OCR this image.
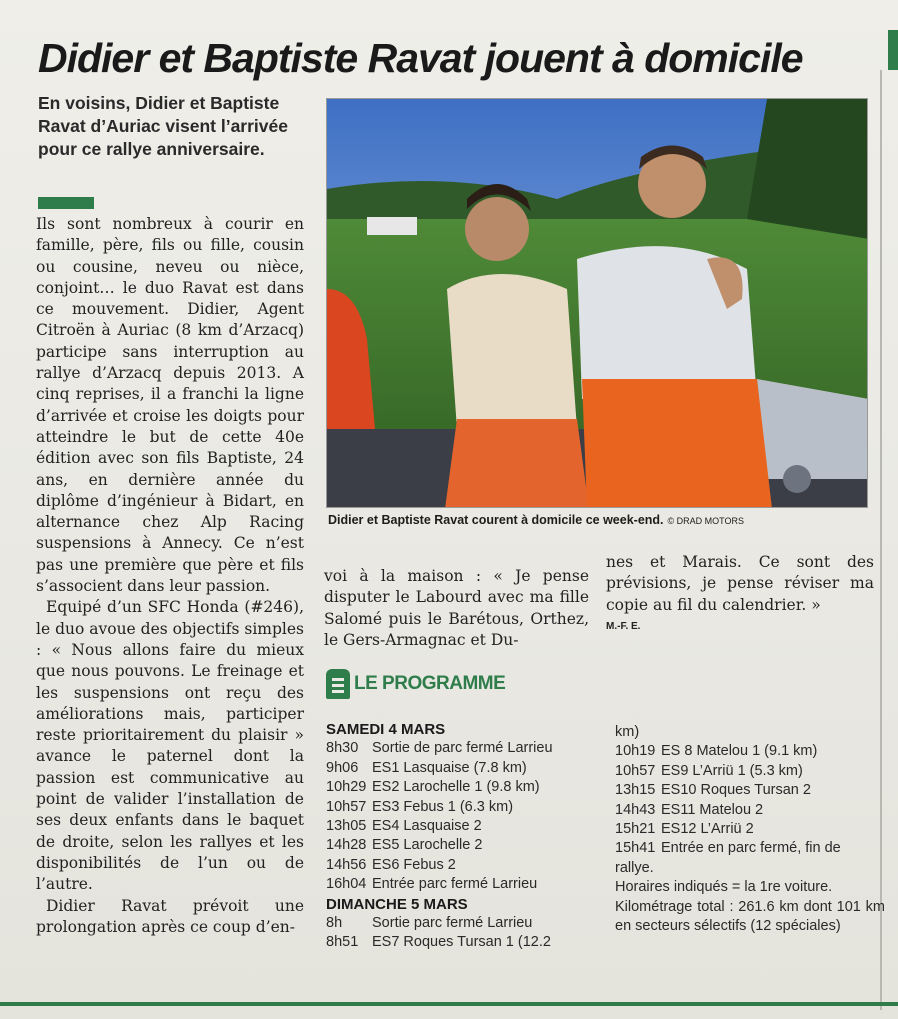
Didier et Baptiste Ravat jouent à domicile
En voisins, Didier et Baptiste Ravat d’Auriac visent l’arrivée pour ce rallye anniversaire.

Ils sont nombreux à courir en famille, père, fils ou fille, cousin ou cousine, neveu ou nièce, conjoint… le duo Ravat est dans ce mouvement. Didier, Agent Citroën à Auriac (8 km d’Arzacq) participe sans interruption au rallye d’Arzacq depuis 2013. A cinq reprises, il a franchi la ligne d’arrivée et croise les doigts pour atteindre le but de cette 40e édition avec son fils Baptiste, 24 ans, en dernière année du diplôme d’ingénieur à Bidart, en alternance chez Alp Racing suspensions à Annecy. Ce n’est pas une première que père et fils s’associent dans leur passion.

Equipé d’un SFC Honda (#246), le duo avoue des objectifs simples : « Nous allons faire du mieux que nous pouvons. Le freinage et les suspensions ont reçu des améliorations mais, participer reste prioritairement du plaisir » avance le paternel dont la passion est communicative au point de valider l’installation de ses deux enfants dans le baquet de droite, selon les rallyes et les disponibilités de l’un ou de l’autre.

Didier Ravat prévoit une prolongation après ce coup d’en-

Didier et Baptiste Ravat courent à domicile ce week-end. © DRAD MOTORS

voi à la maison : « Je pense disputer le Labourd avec ma fille Salomé puis le Barétous, Orthez, le Gers-Armagnac et Du-

nes et Marais. Ce sont des prévisions, je pense réviser ma copie au fil du calendrier. »

M.-F. E.

LE PROGRAMME
SAMEDI 4 MARS
8h30 Sortie de parc fermé Larrieu
9h06 ES1 Lasquaise (7.8 km)
10h29 ES2 Larochelle 1 (9.8 km)
10h57 ES3 Febus 1 (6.3 km)
13h05 ES4 Lasquaise 2
14h28 ES5 Larochelle 2
14h56 ES6 Febus 2
16h04 Entrée parc fermé Larrieu
DIMANCHE 5 MARS
8h Sortie parc fermé Larrieu
8h51 ES7 Roques Tursan 1 (12.2
km)
10h19 ES 8 Matelou 1 (9.1 km)
10h57 ES9 L’Arriü 1 (5.3 km)
13h15 ES10 Roques Tursan 2
14h43 ES11 Matelou 2
15h21 ES12 L’Arriü 2
15h41 Entrée en parc fermé, fin de
rallye.
Horaires indiqués = la 1re voiture.
Kilométrage total : 261.6 km dont 101 km en secteurs sélectifs (12 spéciales)
